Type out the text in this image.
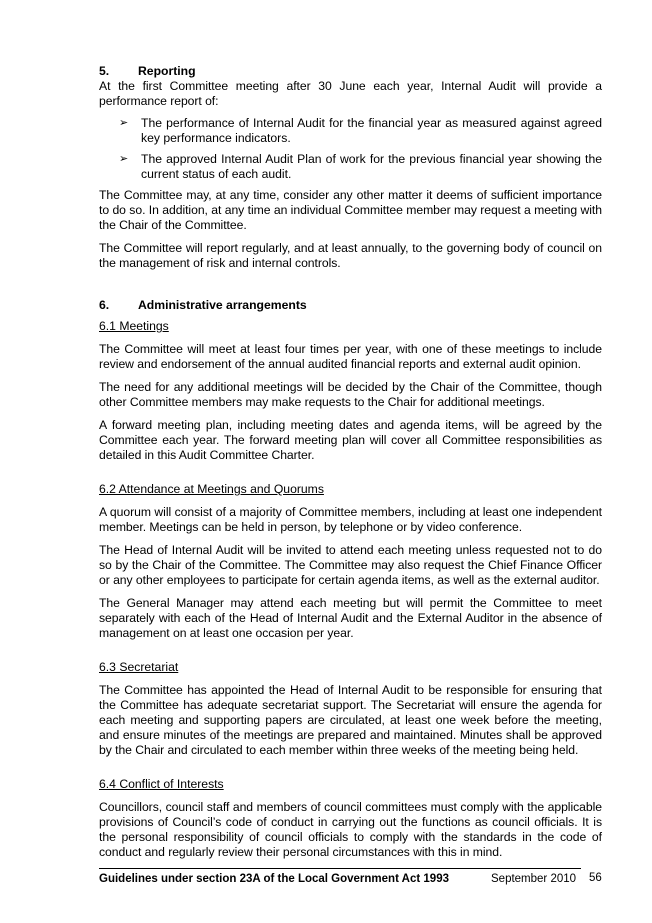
5. Reporting

At the first Committee meeting after 30 June each year, Internal Audit will provide a performance report of:

➢ The performance of Internal Audit for the financial year as measured against agreed key performance indicators.
➢ The approved Internal Audit Plan of work for the previous financial year showing the current status of each audit.

The Committee may, at any time, consider any other matter it deems of sufficient importance to do so. In addition, at any time an individual Committee member may request a meeting with the Chair of the Committee.

The Committee will report regularly, and at least annually, to the governing body of council on the management of risk and internal controls.

6. Administrative arrangements
6.1 Meetings

The Committee will meet at least four times per year, with one of these meetings to include review and endorsement of the annual audited financial reports and external audit opinion.

The need for any additional meetings will be decided by the Chair of the Committee, though other Committee members may make requests to the Chair for additional meetings.

A forward meeting plan, including meeting dates and agenda items, will be agreed by the Committee each year. The forward meeting plan will cover all Committee responsibilities as detailed in this Audit Committee Charter.

6.2 Attendance at Meetings and Quorums

A quorum will consist of a majority of Committee members, including at least one independent member. Meetings can be held in person, by telephone or by video conference.

The Head of Internal Audit will be invited to attend each meeting unless requested not to do so by the Chair of the Committee. The Committee may also request the Chief Finance Officer or any other employees to participate for certain agenda items, as well as the external auditor.

The General Manager may attend each meeting but will permit the Committee to meet separately with each of the Head of Internal Audit and the External Auditor in the absence of management on at least one occasion per year.

6.3 Secretariat

The Committee has appointed the Head of Internal Audit to be responsible for ensuring that the Committee has adequate secretariat support. The Secretariat will ensure the agenda for each meeting and supporting papers are circulated, at least one week before the meeting, and ensure minutes of the meetings are prepared and maintained. Minutes shall be approved by the Chair and circulated to each member within three weeks of the meeting being held.

6.4 Conflict of Interests

Councillors, council staff and members of council committees must comply with the applicable provisions of Council’s code of conduct in carrying out the functions as council officials. It is the personal responsibility of council officials to comply with the standards in the code of conduct and regularly review their personal circumstances with this in mind.

Guidelines under section 23A of the Local Government Act 1993	September 2010 56
